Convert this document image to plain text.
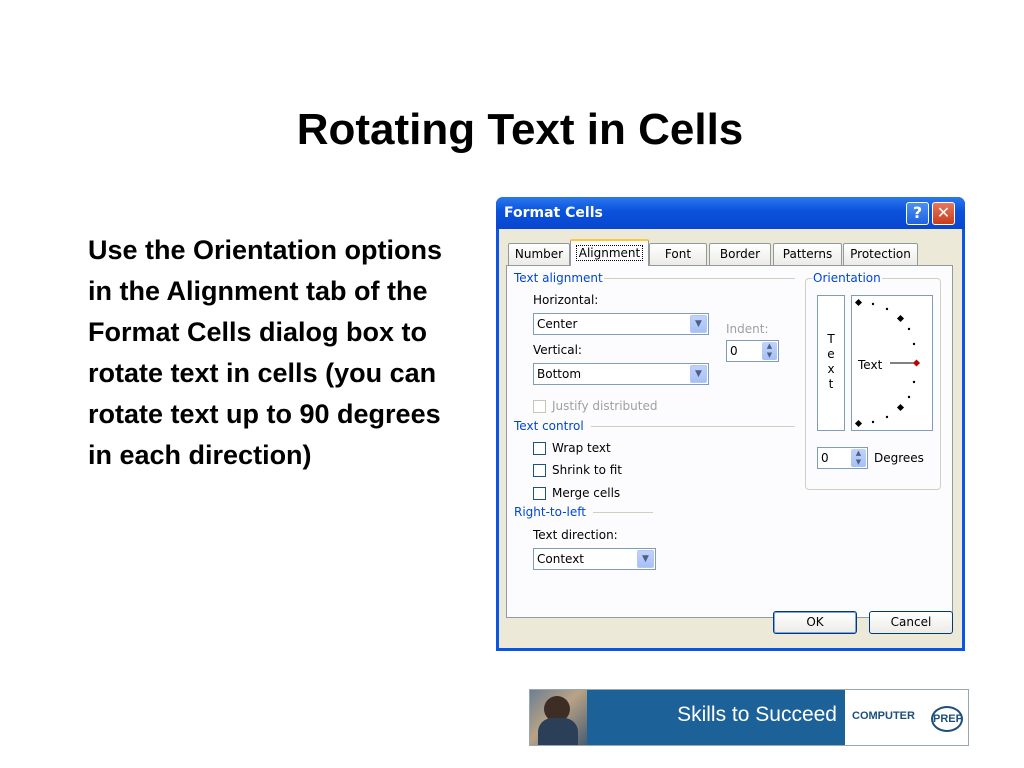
Rotating Text in Cells

Use the Orientation options in the Alignment tab of the Format Cells dialog box to rotate text in cells (you can rotate text up to 90 degrees in each direction)

Format Cells	? ✕
Number	Alignment	Font	Border	Patterns	Protection
Text alignment
Horizontal:
Center	▼	Indent:
0	▲
▼
Vertical:
Bottom	▼
Justify distributed
Text control
Wrap text
Shrink to fit
Merge cells
Right-to-left
Text direction:
Context	▼
Orientation
T
e
x
t
Text
0	▲
▼	Degrees
OK	Cancel
Skills to Succeed COMPUTER PREP
